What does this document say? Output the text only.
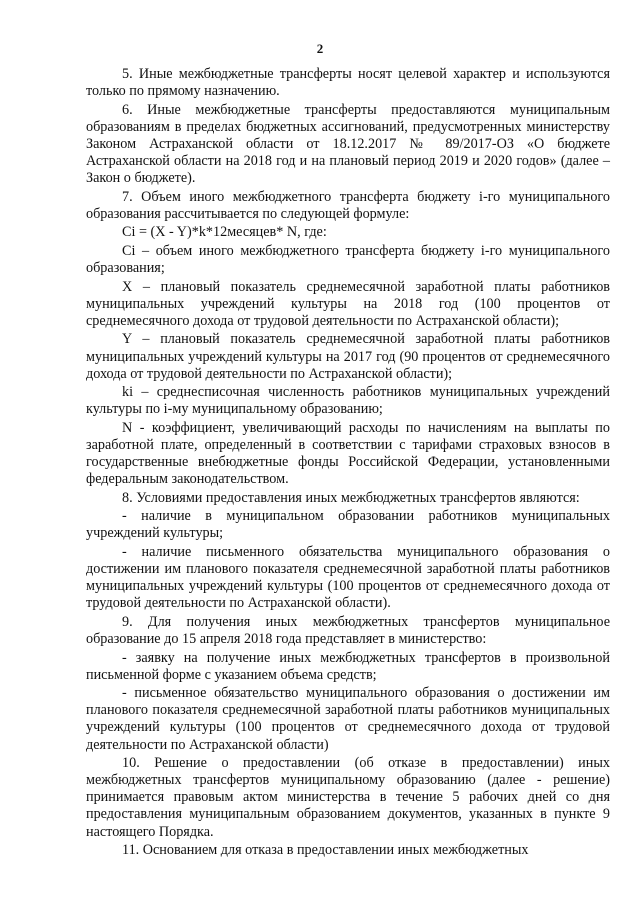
2

5. Иные межбюджетные трансферты носят целевой характер и используются только по прямому назначению.

6. Иные межбюджетные трансферты предоставляются муниципальным образованиям в пределах бюджетных ассигнований, предусмотренных министерству Законом Астраханской области от 18.12.2017 № 89/2017-ОЗ «О бюджете Астраханской области на 2018 год и на плановый период 2019 и 2020 годов» (далее – Закон о бюджете).

7. Объем иного межбюджетного трансферта бюджету i-го муниципального образования рассчитывается по следующей формуле:

Ci = (X - Y)*k*12месяцев* N, где:

Ci – объем иного межбюджетного трансферта бюджету i-го муниципального образования;

X – плановый показатель среднемесячной заработной платы работников муниципальных учреждений культуры на 2018 год (100 процентов от среднемесячного дохода от трудовой деятельности по Астраханской области);

Y – плановый показатель среднемесячной заработной платы работников муниципальных учреждений культуры на 2017 год (90 процентов от среднемесячного дохода от трудовой деятельности по Астраханской области);

ki – среднесписочная численность работников муниципальных учреждений культуры по i-му муниципальному образованию;

N - коэффициент, увеличивающий расходы по начислениям на выплаты по заработной плате, определенный в соответствии с тарифами страховых взносов в государственные внебюджетные фонды Российской Федерации, установленными федеральным законодательством.

8. Условиями предоставления иных межбюджетных трансфертов являются:

- наличие в муниципальном образовании работников муниципальных учреждений культуры;

- наличие письменного обязательства муниципального образования о достижении им планового показателя среднемесячной заработной платы работников муниципальных учреждений культуры (100 процентов от среднемесячного дохода от трудовой деятельности по Астраханской области).

9. Для получения иных межбюджетных трансфертов муниципальное образование до 15 апреля 2018 года представляет в министерство:

- заявку на получение иных межбюджетных трансфертов в произвольной письменной форме с указанием объема средств;

- письменное обязательство муниципального образования о достижении им планового показателя среднемесячной заработной платы работников муниципальных учреждений культуры (100 процентов от среднемесячного дохода от трудовой деятельности по Астраханской области)

10. Решение о предоставлении (об отказе в предоставлении) иных межбюджетных трансфертов муниципальному образованию (далее - решение) принимается правовым актом министерства в течение 5 рабочих дней со дня предоставления муниципальным образованием документов, указанных в пункте 9 настоящего Порядка.

11. Основанием для отказа в предоставлении иных межбюджетных
